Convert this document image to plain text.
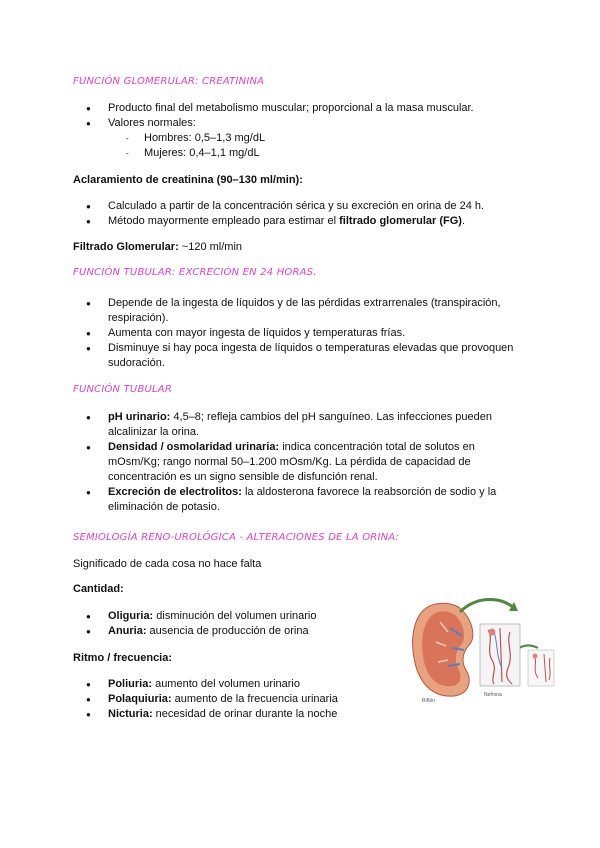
FUNCIÓN GLOMERULAR: CREATININA
● Producto final del metabolismo muscular; proporcional a la masa muscular.
● Valores normales:
- Hombres: 0,5–1,3 mg/dL
- Mujeres: 0,4–1,1 mg/dL
Aclaramiento de creatinina (90–130 ml/min):
● Calculado a partir de la concentración sérica y su excreción en orina de 24 h.
● Método mayormente empleado para estimar el filtrado glomerular (FG).
Filtrado Glomerular: ~120 ml/min
FUNCIÓN TUBULAR: EXCRECIÓN EN 24 HORAS.
● Depende de la ingesta de líquidos y de las pérdidas extrarrenales (transpiración,
respiración).
● Aumenta con mayor ingesta de líquidos y temperaturas frías.
● Disminuye si hay poca ingesta de líquidos o temperaturas elevadas que provoquen
sudoración.
FUNCIÓN TUBULAR
● pH urinario: 4,5–8; refleja cambios del pH sanguíneo. Las infecciones pueden
alcalinizar la orina.
● Densidad / osmolaridad urinaria: indica concentración total de solutos en
mOsm/Kg; rango normal 50–1.200 mOsm/Kg. La pérdida de capacidad de
concentración es un signo sensible de disfunción renal.
● Excreción de electrolitos: la aldosterona favorece la reabsorción de sodio y la
eliminación de potasio.
SEMIOLOGÍA RENO-UROLÓGICA - ALTERACIONES DE LA ORINA:
Significado de cada cosa no hace falta
Cantidad:
● Oliguria: disminución del volumen urinario
● Anuria: ausencia de producción de orina
Ritmo / frecuencia:
● Poliuria: aumento del volumen urinario
● Polaquiuria: aumento de la frecuencia urinaria
● Nicturia: necesidad de orinar durante la noche
Riñón
Nefrona
